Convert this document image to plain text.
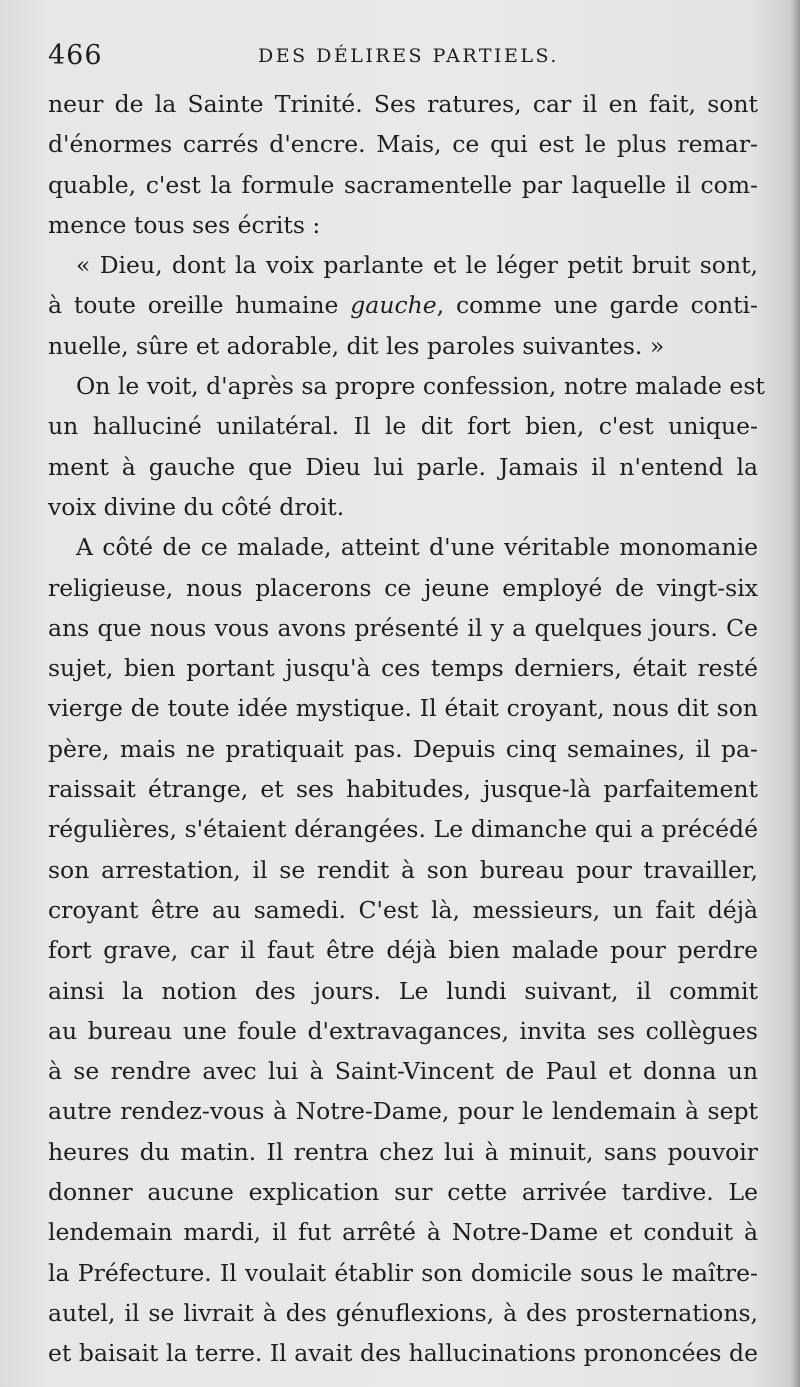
466	DES DÉLIRES PARTIELS.
neur de la Sainte Trinité. Ses ratures, car il en fait, sont
d'énormes carrés d'encre. Mais, ce qui est le plus remar-
quable, c'est la formule sacramentelle par laquelle il com-
mence tous ses écrits :
« Dieu, dont la voix parlante et le léger petit bruit sont,
à toute oreille humaine gauche, comme une garde conti-
nuelle, sûre et adorable, dit les paroles suivantes. »
On le voit, d'après sa propre confession, notre malade est
un halluciné unilatéral. Il le dit fort bien, c'est unique-
ment à gauche que Dieu lui parle. Jamais il n'entend la
voix divine du côté droit.
A côté de ce malade, atteint d'une véritable monomanie
religieuse, nous placerons ce jeune employé de vingt-six
ans que nous vous avons présenté il y a quelques jours. Ce
sujet, bien portant jusqu'à ces temps derniers, était resté
vierge de toute idée mystique. Il était croyant, nous dit son
père, mais ne pratiquait pas. Depuis cinq semaines, il pa-
raissait étrange, et ses habitudes, jusque-là parfaitement
régulières, s'étaient dérangées. Le dimanche qui a précédé
son arrestation, il se rendit à son bureau pour travailler,
croyant être au samedi. C'est là, messieurs, un fait déjà
fort grave, car il faut être déjà bien malade pour perdre
ainsi la notion des jours. Le lundi suivant, il commit
au bureau une foule d'extravagances, invita ses collègues
à se rendre avec lui à Saint-Vincent de Paul et donna un
autre rendez-vous à Notre-Dame, pour le lendemain à sept
heures du matin. Il rentra chez lui à minuit, sans pouvoir
donner aucune explication sur cette arrivée tardive. Le
lendemain mardi, il fut arrêté à Notre-Dame et conduit à
la Préfecture. Il voulait établir son domicile sous le maître-
autel, il se livrait à des génuflexions, à des prosternations,
et baisait la terre. Il avait des hallucinations prononcées de
